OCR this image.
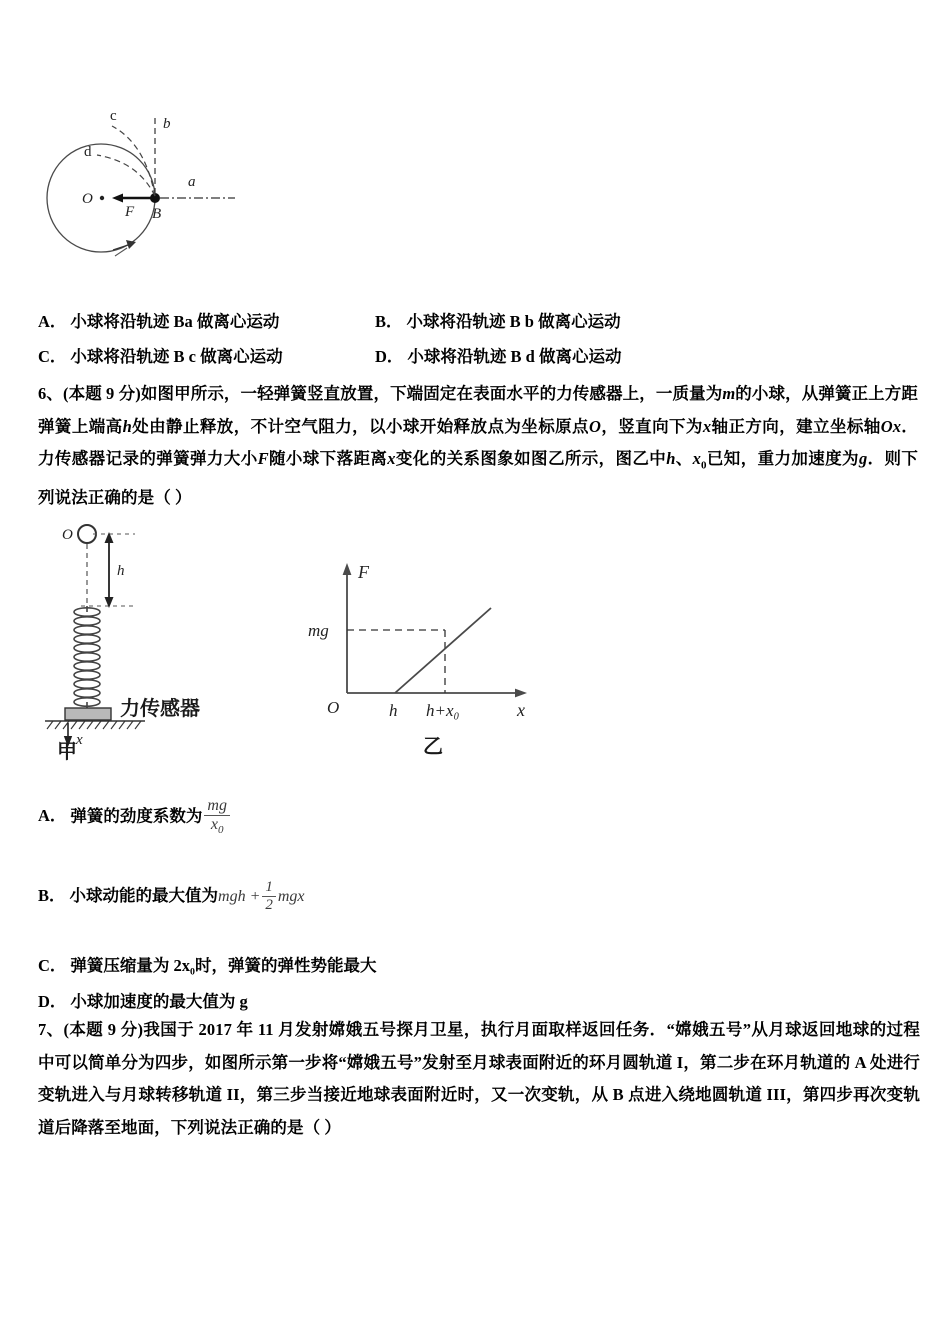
O
B
F
a
b
c
d
A． 小球将沿轨迹 Ba 做离心运动	B． 小球将沿轨迹 B b 做离心运动
C． 小球将沿轨迹 B c 做离心运动	D． 小球将沿轨迹 B d 做离心运动
6、(本题 9 分)如图甲所示，一轻弹簧竖直放置，下端固定在表面水平的力传感器上，一质量为m的小球，从弹簧正上方距弹簧上端高h处由静止释放，不计空气阻力，以小球开始释放点为坐标原点O，竖直向下为x轴正方向，建立坐标轴Ox．力传感器记录的弹簧弹力大小F随小球下落距离x变化的关系图象如图乙所示，图乙中h、$x_0$已知，重力加速度为g．则下列说法正确的是（ ）
O
h
力传感器
x
甲
F
x
O
mg
h h+x₀
乙
A． 弹簧的劲度系数为 $\frac{mg}{x_0}$
B． 小球动能的最大值为mgh + $\frac{1}{2}$ mgx
C． 弹簧压缩量为 2x₀时，弹簧的弹性势能最大
D． 小球加速度的最大值为 g
7、(本题 9 分)我国于 2017 年 11 月发射嫦娥五号探月卫星，执行月面取样返回任务．“嫦娥五号”从月球返回地球的过程中可以简单分为四步，如图所示第一步将“嫦娥五号”发射至月球表面附近的环月圆轨道 I，第二步在环月轨道的 A 处进行变轨进入与月球转移轨道 II，第三步当接近地球表面附近时，又一次变轨，从 B 点进入绕地圆轨道 III，第四步再次变轨道后降落至地面，下列说法正确的是（ ）
